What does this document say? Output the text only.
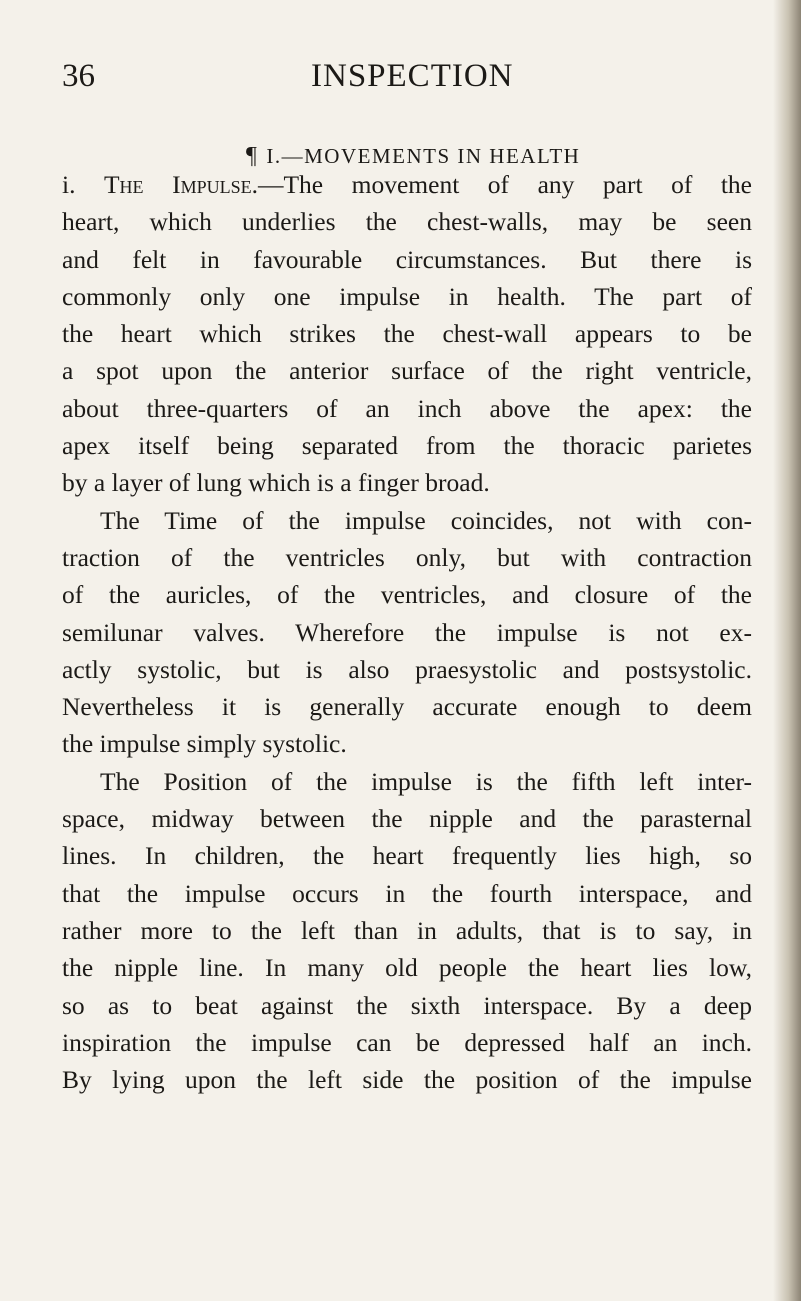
36	INSPECTION
¶ I.—MOVEMENTS IN HEALTH
i. The Impulse.—The movement of any part of the
heart, which underlies the chest-walls, may be seen
and felt in favourable circumstances. But there is
commonly only one impulse in health. The part of
the heart which strikes the chest-wall appears to be
a spot upon the anterior surface of the right ventricle,
about three-quarters of an inch above the apex: the
apex itself being separated from the thoracic parietes
by a layer of lung which is a finger broad.
The Time of the impulse coincides, not with con-
traction of the ventricles only, but with contraction
of the auricles, of the ventricles, and closure of the
semilunar valves. Wherefore the impulse is not ex-
actly systolic, but is also praesystolic and postsystolic.
Nevertheless it is generally accurate enough to deem
the impulse simply systolic.
The Position of the impulse is the fifth left inter-
space, midway between the nipple and the parasternal
lines. In children, the heart frequently lies high, so
that the impulse occurs in the fourth interspace, and
rather more to the left than in adults, that is to say, in
the nipple line. In many old people the heart lies low,
so as to beat against the sixth interspace. By a deep
inspiration the impulse can be depressed half an inch.
By lying upon the left side the position of the impulse
